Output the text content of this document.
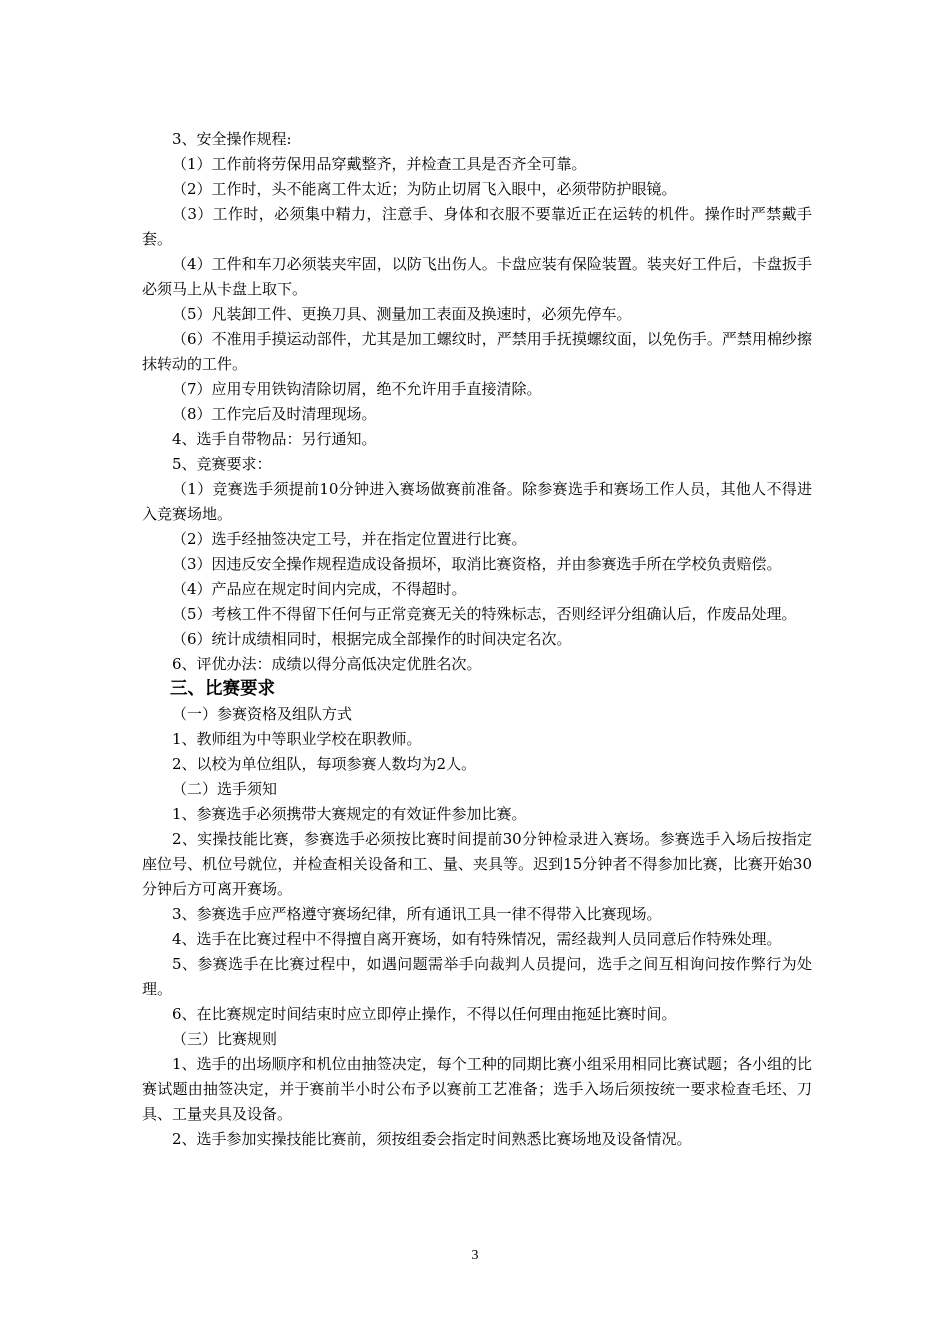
3、安全操作规程:

（1）工作前将劳保用品穿戴整齐，并检查工具是否齐全可靠。

（2）工作时，头不能离工件太近；为防止切屑飞入眼中，必须带防护眼镜。

（3）工作时，必须集中精力，注意手、身体和衣服不要靠近正在运转的机件。操作时严禁戴手套。

（4）工件和车刀必须装夹牢固，以防飞出伤人。卡盘应装有保险装置。装夹好工件后，卡盘扳手必须马上从卡盘上取下。

（5）凡装卸工件、更换刀具、测量加工表面及换速时，必须先停车。

（6）不准用手摸运动部件，尤其是加工螺纹时，严禁用手抚摸螺纹面，以免伤手。严禁用棉纱擦抹转动的工件。

（7）应用专用铁钩清除切屑，绝不允许用手直接清除。

（8）工作完后及时清理现场。

4、选手自带物品：另行通知。

5、竞赛要求：

（1）竞赛选手须提前10分钟进入赛场做赛前准备。除参赛选手和赛场工作人员，其他人不得进入竞赛场地。

（2）选手经抽签决定工号，并在指定位置进行比赛。

（3）因违反安全操作规程造成设备损坏，取消比赛资格，并由参赛选手所在学校负责赔偿。

（4）产品应在规定时间内完成，不得超时。

（5）考核工件不得留下任何与正常竞赛无关的特殊标志，否则经评分组确认后，作废品处理。

（6）统计成绩相同时，根据完成全部操作的时间决定名次。

6、评优办法：成绩以得分高低决定优胜名次。

三、比赛要求

（一）参赛资格及组队方式

1、教师组为中等职业学校在职教师。

2、以校为单位组队，每项参赛人数均为2人。

（二）选手须知

1、参赛选手必须携带大赛规定的有效证件参加比赛。

2、实操技能比赛，参赛选手必须按比赛时间提前30分钟检录进入赛场。参赛选手入场后按指定座位号、机位号就位，并检查相关设备和工、量、夹具等。迟到15分钟者不得参加比赛，比赛开始30分钟后方可离开赛场。

3、参赛选手应严格遵守赛场纪律，所有通讯工具一律不得带入比赛现场。

4、选手在比赛过程中不得擅自离开赛场，如有特殊情况，需经裁判人员同意后作特殊处理。

5、参赛选手在比赛过程中，如遇问题需举手向裁判人员提问，选手之间互相询问按作弊行为处理。

6、在比赛规定时间结束时应立即停止操作，不得以任何理由拖延比赛时间。

（三）比赛规则

1、选手的出场顺序和机位由抽签决定，每个工种的同期比赛小组采用相同比赛试题；各小组的比赛试题由抽签决定，并于赛前半小时公布予以赛前工艺准备；选手入场后须按统一要求检查毛坯、刀具、工量夹具及设备。

2、选手参加实操技能比赛前，须按组委会指定时间熟悉比赛场地及设备情况。

3
